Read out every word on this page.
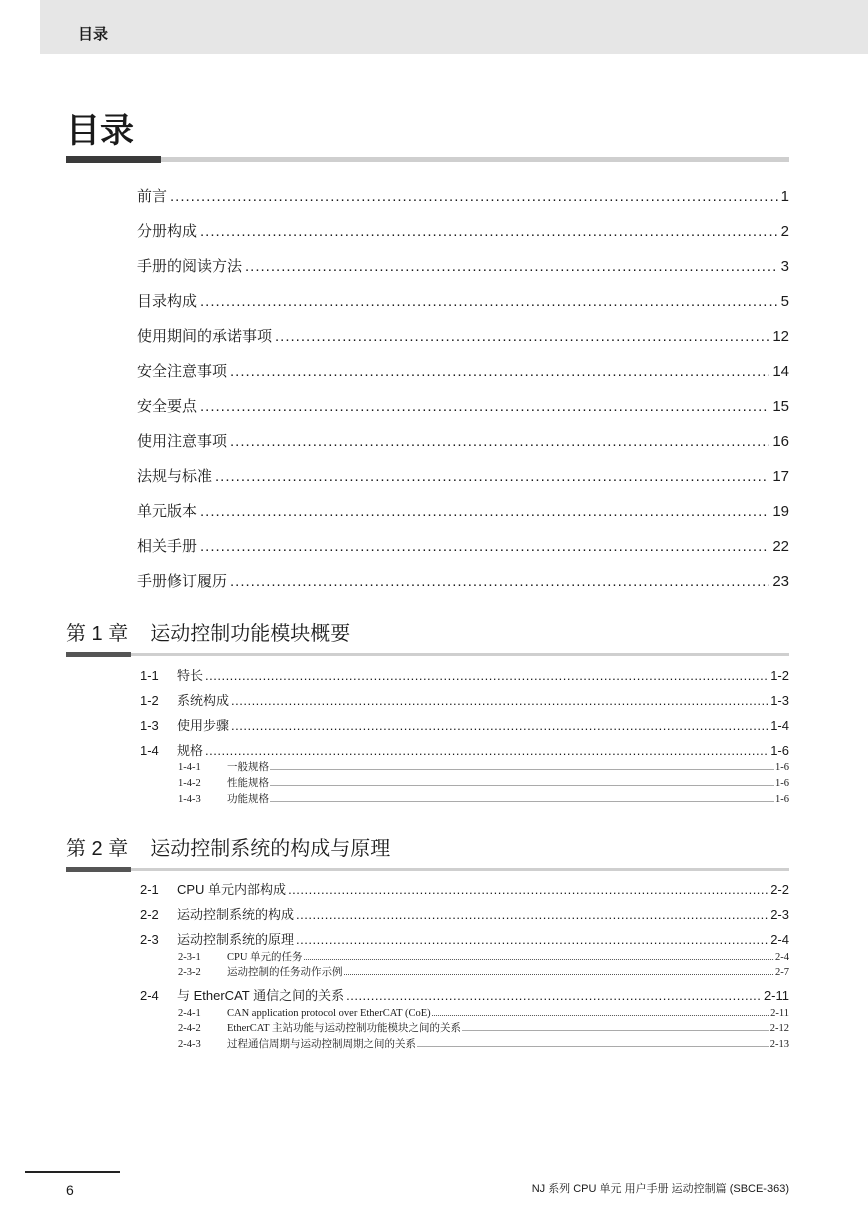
目录
目录
前言 .....	1
分册构成 .....	2
手册的阅读方法 .....	3
目录构成 .....	5
使用期间的承诺事项 .....	12
安全注意事项 .....	14
安全要点 .....	15
使用注意事项 .....	16
法规与标准 .....	17
单元版本 .....	19
相关手册 .....	22
手册修订履历 .....	23
第 1 章 运动控制功能模块概要
1-1	特长 .....	1-2
1-2	系统构成 .....	1-3
1-3	使用步骤 .....	1-4
1-4	规格 .....	1-6
1-4-1	一般规格 .....	1-6
1-4-2	性能规格 .....	1-6
1-4-3	功能规格 .....	1-6
第 2 章 运动控制系统的构成与原理
2-1	CPU 单元内部构成 .....	2-2
2-2	运动控制系统的构成 .....	2-3
2-3	运动控制系统的原理 .....	2-4
2-3-1	CPU 单元的任务 .....	2-4
2-3-2	运动控制的任务动作示例 .....	2-7
2-4	与 EtherCAT 通信之间的关系 .....	2-11
2-4-1	CAN application protocol over EtherCAT (CoE) .....	2-11
2-4-2	EtherCAT 主站功能与运动控制功能模块之间的关系 .....	2-12
2-4-3	过程通信周期与运动控制周期之间的关系 .....	2-13
6	NJ 系列 CPU 单元 用户手册 运动控制篇 (SBCE-363)
